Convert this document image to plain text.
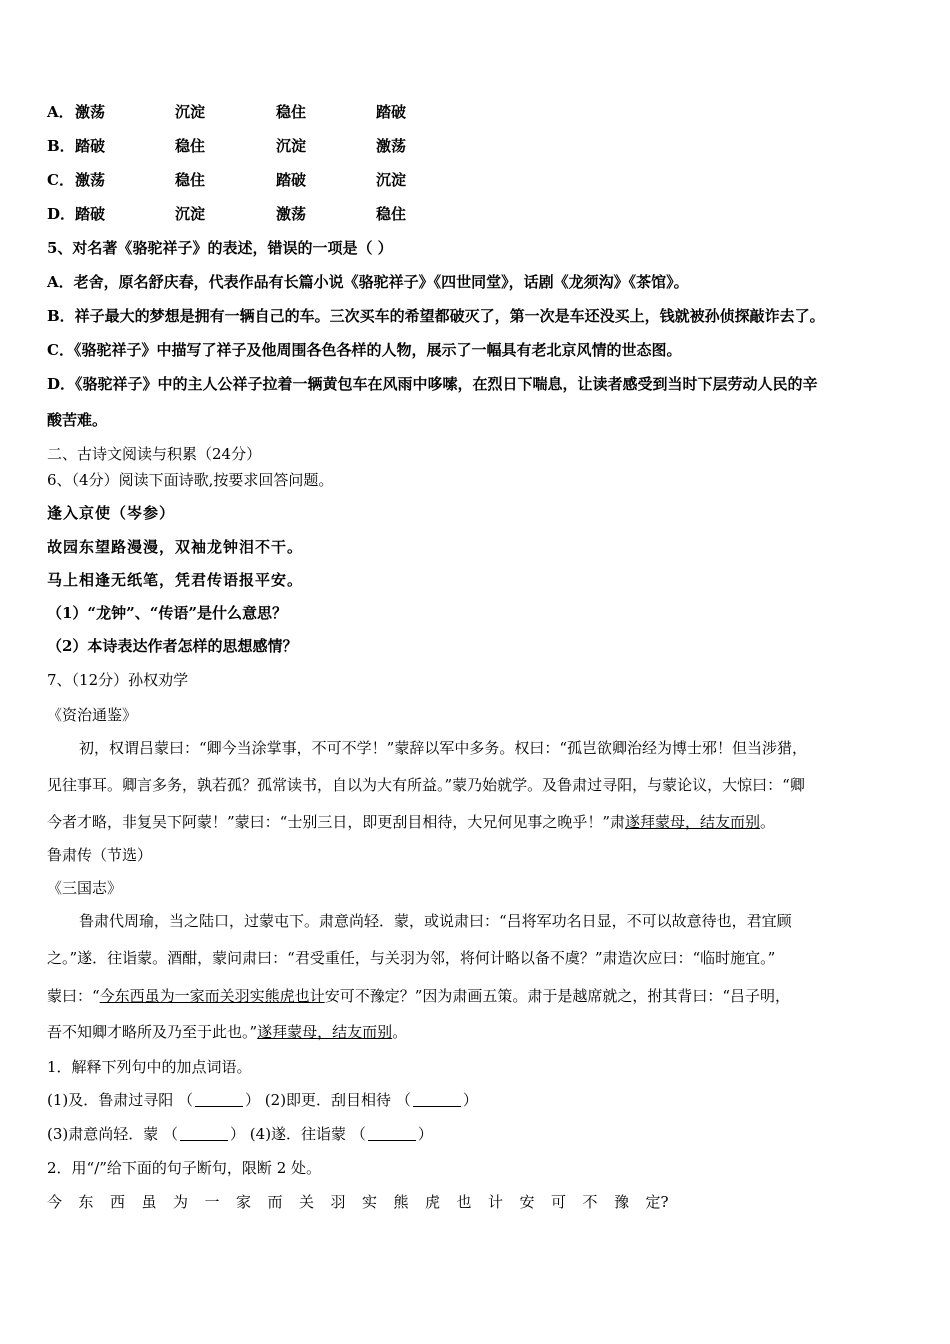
A． 激荡	沉淀	稳住	踏破
B． 踏破	稳住	沉淀	激荡
C． 激荡	稳住	踏破	沉淀
D． 踏破	沉淀	激荡	稳住
5、对名著《骆驼祥子》的表述，错误的一项是（ ）
A．老舍，原名舒庆春，代表作品有长篇小说《骆驼祥子》《四世同堂》，话剧《龙须沟》《茶馆》。
B．祥子最大的梦想是拥有一辆自己的车。三次买车的希望都破灭了，第一次是车还没买上，钱就被孙侦探敲诈去了。
C．《骆驼祥子》中描写了祥子及他周围各色各样的人物，展示了一幅具有老北京风情的世态图。
D．《骆驼祥子》中的主人公祥子拉着一辆黄包车在风雨中哆嗦，在烈日下喘息，让读者感受到当时下层劳动人民的辛
酸苦难。
二、古诗文阅读与积累（24分）
6、（4分）阅读下面诗歌,按要求回答问题。
逢入京使（岑参）
故园东望路漫漫，双袖龙钟泪不干。
马上相逢无纸笔，凭君传语报平安。
（1）“龙钟”、“传语”是什么意思？
（2）本诗表达作者怎样的思想感情？
7、（12分）孙权劝学
《资治通鉴》
初，权谓吕蒙曰：“卿今当涂掌事，不可不学！”蒙辞以军中多务。权曰：“孤岂欲卿治经为博士邪！但当涉猎，
见往事耳。卿言多务，孰若孤？孤常读书，自以为大有所益。”蒙乃始就学。及鲁肃过寻阳，与蒙论议，大惊曰：“卿
今者才略，非复吴下阿蒙！”蒙曰：“士别三日，即更刮目相待，大兄何见事之晚乎！”肃遂拜蒙母，结友而别。
鲁肃传（节选）
《三国志》
鲁肃代周瑜，当之陆口，过蒙屯下。肃意尚轻．蒙，或说肃曰：“吕将军功名日显，不可以故意待也，君宜顾
之。”遂．往诣蒙。酒酣，蒙问肃曰：“君受重任，与关羽为邻，将何计略以备不虞？”肃造次应曰：“临时施宜。”
蒙曰：“今东西虽为一家而关羽实熊虎也计安可不豫定？”因为肃画五策。肃于是越席就之，拊其背曰：“吕子明，
吾不知卿才略所及乃至于此也。”遂拜蒙母，结友而别。
1．解释下列句中的加点词语。
(1)及．鲁肃过寻阳 （	） (2)即更．刮目相待 （	）
(3)肃意尚轻．蒙 （	） (4)遂．往诣蒙 （	）
2．用“/”给下面的句子断句，限断 2 处。
今 东 西 虽 为 一 家 而 关 羽 实 熊 虎 也 计 安 可 不 豫 定?
